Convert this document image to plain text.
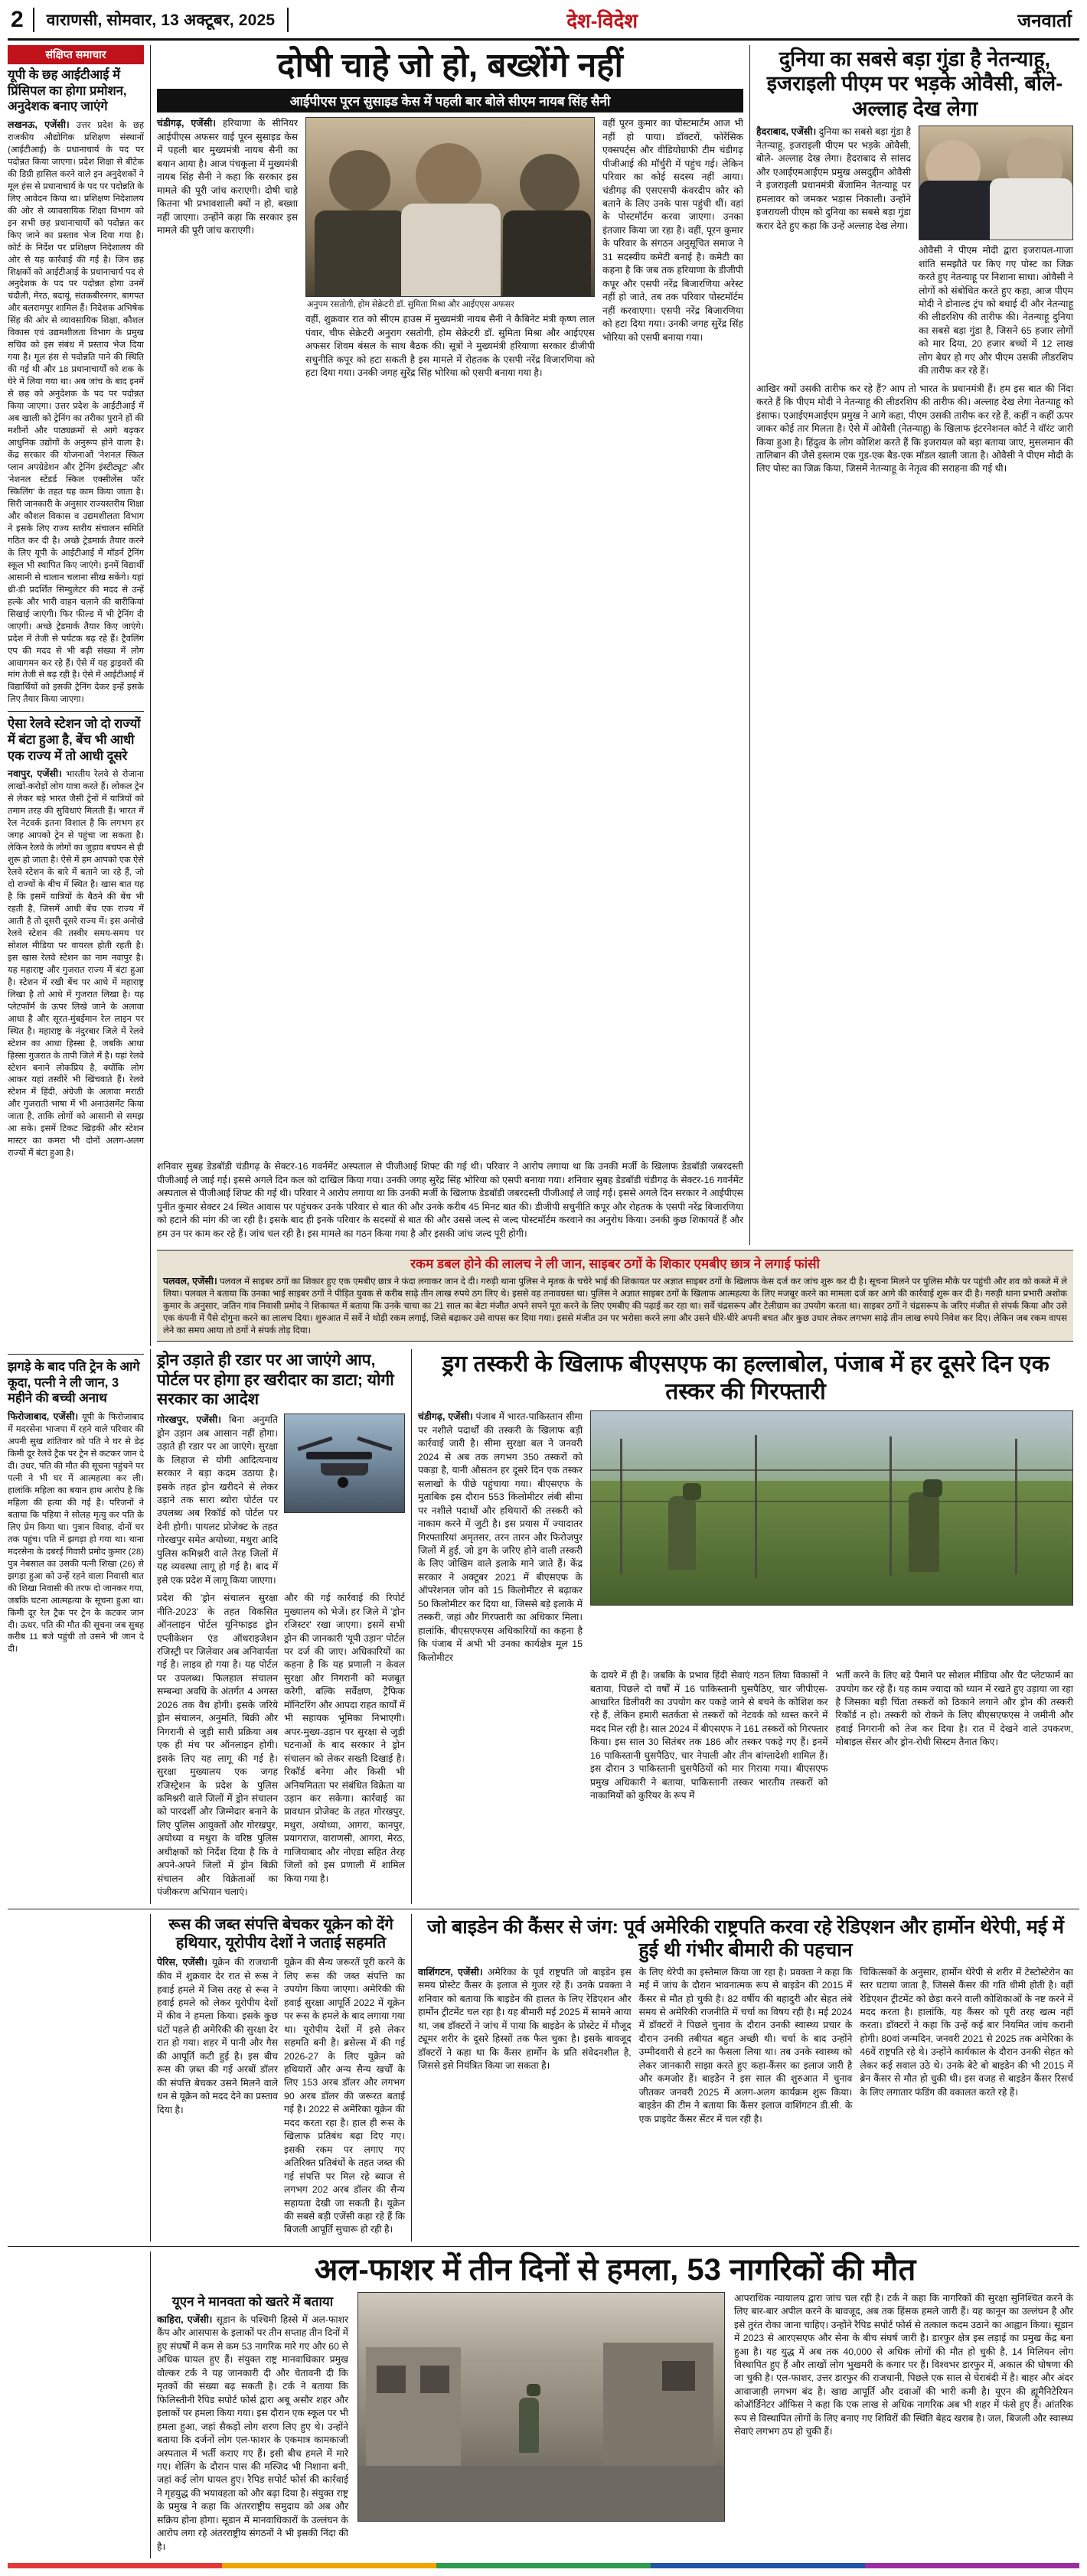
2	वाराणसी, सोमवार, 13 अक्टूबर, 2025	देश-विदेश	जनवार्ता
संक्षिप्त समाचार
यूपी के छह आईटीआई में प्रिंसिपल का होगा प्रमोशन, अनुदेशक बनाए जाएंगे
लखनऊ, एजेंसी। उत्तर प्रदेश के छह राजकीय औद्योगिक प्रशिक्षण संस्थानों (आईटीआई) के प्रधानाचार्य के पद पर पदोन्नत किया जाएगा। प्रदेश शिक्षा से बीटेक की डिग्री हासिल करने वाले इन अनुदेशकों ने मूल हंस से प्रधानाचार्य के पद पर पदोन्नति के लिए आवेदन किया था। प्रशिक्षण निदेशालय की ओर से व्यावसायिक शिक्षा विभाग को इन सभी छह प्रधानाचार्यों को पदोन्नत कर किए जाने का प्रस्ताव भेज दिया गया है। कोर्ट के निर्देश पर प्रशिक्षण निदेशालय की ओर से यह कार्रवाई की गई है। जिन छह शिक्षकों को आईटीआई के प्रधानाचार्य पद से अनुदेशक के पद पर पदोन्नत होगा उनमें चंदौली, मेरठ, बदायूं, संतकबीरनगर, बागपत और बलरामपुर शामिल हैं। निदेशक अभिषेक सिंह की ओर से व्यावसायिक शिक्षा, कौशल विकास एवं उद्यमशीलता विभाग के प्रमुख सचिव को इस संबंध में प्रस्ताव भेज दिया गया है। मूल हंस से पदोन्नति पाने की स्थिति की गई थी और 18 प्रधानाचार्यों को शक के घेरे में लिया गया था। अब जांच के बाद इनमें से छह को अनुदेशक के पद पर पदोन्नत किया जाएगा। उत्तर प्रदेश के आईटीआई में अब खाली को ट्रेनिंग का तरीका पुराने हों की मशीनों और पाठ्यक्रमों से आगे बढ़कर आधुनिक उद्योगों के अनुरूप होने वाला है। केंद्र सरकार की योजनाओं 'नेशनल स्किल प्लान अपग्रेडेशन और ट्रेनिंग इंस्टीट्यूट' और 'नेशनल स्टेंडर्ड स्किल एक्सीलेंस फॉर स्किलिंग' के तहत यह काम किया जाता है। सिरी जानकारी के अनुसार राज्यस्तरीय शिक्षा और कौशल विकास व उद्यमशीलता विभाग ने इसके लिए राज्य स्तरीय संचालन समिति गठित कर दी है। अच्छे ट्रेडमार्क तैयार करने के लिए यूपी के आईटीआई में मॉडर्न ट्रेनिंग स्कूल भी स्थापित किए जाएंगे। इनमें विद्यार्थी आसानी से चालान चलाना सीख सकेंगे। यहां थ्री-डी प्रदर्शित सिम्युलेटर की मदद से उन्हें हल्के और भारी वाहन चलाने की बारीकियां सिखाई जाएंगी। फिर फील्ड में भी ट्रेनिंग दी जाएगी। अच्छे ट्रेडमार्क तैयार किए जाएंगे। प्रदेश में तेजी से पर्यटक बढ़ रहे हैं। ट्रैवलिंग एप की मदद से भी बढ़ी संख्या में लोग आवागमन कर रहे हैं। ऐसे में यह ड्राइवरों की मांग तेजी से बढ़ रही है। ऐसे में आईटीआई में विद्यार्थियों को इसकी ट्रेनिंग देकर इन्हें इसके लिए तैयार किया जाएगा।
ऐसा रेलवे स्टेशन जो दो राज्यों में बंटा हुआ है, बेंच भी आधी एक राज्य में तो आधी दूसरे
नवापुर, एजेंसी। भारतीय रेलवे से रोजाना लाखों-करोड़ों लोग यात्रा करते हैं। लोकल ट्रेन से लेकर बड़े भारत जैसी ट्रेनों में यात्रियों को तमाम तरह की सुविधाएं मिलती हैं। भारत में रेल नेटवर्क इतना विशाल है कि लगभग हर जगह आपको ट्रेन से पहुंचा जा सकता है। लेकिन रेलवे के लोगों का जुड़ाव बचपन से ही शुरू हो जाता है। ऐसे में हम आपको एक ऐसे रेलवे स्टेशन के बारे में बताने जा रहे हैं, जो दो राज्यों के बीच में स्थित है। खास बात यह है कि इसमें यात्रियों के बैठने की बेंच भी रहती है, जिसमें आधी बेंच एक राज्य में आती है तो दूसरी दूसरे राज्य में। इस अनोखे रेलवे स्टेशन की तस्वीर समय-समय पर सोशल मीडिया पर वायरल होती रहती है। इस खास रेलवे स्टेशन का नाम नवापुर है। यह महाराष्ट्र और गुजरात राज्य में बंटा हुआ है। स्टेशन में रखी बेंच पर आधे में महाराष्ट्र लिखा है तो आधे में गुजरात लिखा है। यह प्लेटफॉर्म के ऊपर लिखे जाने के अलावा आधा है और सूरत-मुंबईमान रेल लाइन पर स्थित है। महाराष्ट्र के नंदुरबार जिले में रेलवे स्टेशन का आधा हिस्सा है, जबकि आधा हिस्सा गुजरात के तापी जिले में है। यहां रेलवे स्टेशन बनाने लोकप्रिय है, क्योंकि लोग आकर यहां तस्वीरें भी खिंचवाते हैं। रेलवे स्टेशन में हिंदी, अंग्रेजी के अलावा मराठी और गुजराती भाषा में भी अनाउंसमेंट किया जाता है, ताकि लोगों को आसानी से समझ आ सके। इसमें टिकट खिड़की और स्टेशन मास्टर का कमरा भी दोनों अलग-अलग राज्यों में बंटा हुआ है।
दोषी चाहे जो हो, बख्शेंगे नहीं
आईपीएस पूरन सुसाइड केस में पहली बार बोले सीएम नायब सिंह सैनी

चंडीगढ़, एजेंसी। हरियाणा के सीनियर आईपीएस अफसर वाई पूरन सुसाइड केस में पहली बार मुख्यमंत्री नायब सैनी का बयान आया है। आज पंचकूला में मुख्यमंत्री नायब सिंह सैनी ने कहा कि सरकार इस मामले की पूरी जांच कराएगी। दोषी चाहे कितना भी प्रभावशाली क्यों न हो, बख्शा नहीं जाएगा। उन्होंने कहा कि सरकार इस मामले की पूरी जांच कराएगी।

अनुपम रसतोगी, होम सेक्रेटरी डॉ. सुमिता मिश्रा और आईएएस अफसर

वहीं, शुक्रवार रात को सीएम हाउस में मुख्यमंत्री नायब सैनी ने कैबिनेट मंत्री कृष्ण लाल पंवार, चीफ सेक्रेटरी अनुराग रसतोगी, होम सेक्रेटरी डॉ. सुमिता मिश्रा और आईएएस अफसर शिवम बंसल के साथ बैठक की। सूत्रों ने मुख्यमंत्री हरियाणा सरकार डीजीपी सचुनीति कपूर को हटा सकती है इस मामले में रोहतक के एसपी नरेंद्र विजारणिया को हटा दिया गया। उनकी जगह सुरेंद्र सिंह भोरिया को एसपी बनाया गया है।

वहीं पूरन कुमार का पोस्टमार्टम आज भी नहीं हो पाया। डॉक्टरों, फोरेंसिक एक्सपर्ट्स और वीडियोग्राफी टीम चंडीगढ़ पीजीआई की मॉर्चुरी में पहुंच गई। लेकिन परिवार का कोई सदस्य नहीं आया। चंडीगढ़ की एसएसपी कंवरदीप कौर को बताने के लिए उनके पास पहुंची थीं। वहां के पोस्टमॉर्टम करवा जाएगा। उनका इंतजार किया जा रहा है। वहीं, पूरन कुमार के परिवार के संगठन अनुसूचित समाज ने 31 सदस्यीय कमेटी बनाई है। कमेटी का कहना है कि जब तक हरियाणा के डीजीपी कपूर और एसपी नरेंद्र बिजारणिया अरेस्ट नहीं हो जाते, तब तक परिवार पोस्टमॉर्टम नहीं करवाएगा। एसपी नरेंद्र बिजारणिया को हटा दिया गया। उनकी जगह सुरेंद्र सिंह भोरिया को एसपी बनाया गया।

दुनिया का सबसे बड़ा गुंडा है नेतन्याहू, इजराइली पीएम पर भड़के ओवैसी, बोले- अल्लाह देख लेगा

हैदराबाद, एजेंसी। दुनिया का सबसे बड़ा गुंडा है नेतन्याहू, इजराइली पीएम पर भड़के ओवैसी, बोले- अल्लाह देख लेगा। हैदराबाद से सांसद और एआईएमआईएम प्रमुख असदुद्दीन ओवैसी ने इजराइली प्रधानमंत्री बेंजामिन नेतन्याहू पर हमलावर को जमकर भड़ास निकाली। उन्होंने इजरायली पीएम को दुनिया का सबसे बड़ा गुंडा करार देते हुए कहा कि उन्हें अल्लाह देख लेगा।

ओवैसी ने पीएम मोदी द्वारा इजरायल-गाजा शांति समझौते पर किए गए पोस्ट का जिक्र करते हुए नेतन्याहू पर निशाना साधा। ओवैसी ने लोगों को संबोधित करते हुए कहा, आज पीएम मोदी ने डोनाल्ड ट्रंप को बधाई दी और नेतन्याहू की लीडरशिप की तारीफ की। नेतन्याहू दुनिया का सबसे बड़ा गुंडा है, जिसने 65 हजार लोगों को मार दिया, 20 हजार बच्चों में 12 लाख लोग बेघर हो गए और पीएम उसकी लीडरशिप की तारीफ कर रहे हैं।

आखिर क्यों उसकी तारीफ कर रहे हैं? आप तो भारत के प्रधानमंत्री हैं। हम इस बात की निंदा करते हैं कि पीएम मोदी ने नेतन्याहू की लीडरशिप की तारीफ की। अल्लाह देख लेगा नेतन्याहू को इंसाफ। एआईएमआईएम प्रमुख ने आगे कहा, पीएम उसकी तारीफ कर रहे हैं, कहीं न कहीं ऊपर जाकर कोई तार मिलता है। ऐसे में ओवैसी (नेतन्याहू) के खिलाफ इंटरनेशनल कोर्ट ने वॉरंट जारी किया हुआ है। हिंदुत्व के लोग कोशिश करते हैं कि इजरायल को बड़ा बताया जाए, मुसलमान की तालिबान की जैसे इस्लाम एक गुड-एक बैड-एक मॉडल खाली जाता है। ओवैसी ने पीएम मोदी के लिए पोस्ट का जिक्र किया, जिसमें नेतन्याहू के नेतृत्व की सराहना की गई थी।

शनिवार सुबह डेडबॉडी चंडीगढ़ के सेक्टर-16 गवर्नमेंट अस्पताल से पीजीआई शिफ्ट की गई थी। परिवार ने आरोप लगाया था कि उनकी मर्जी के खिलाफ डेडबॉडी जबरदस्ती पीजीआई ले जाई गई। इससे अगले दिन कल को दाखिल किया गया। उनकी जगह सुरेंद्र सिंह भोरिया को एसपी बनाया गया। शनिवार सुबह डेडबॉडी चंडीगढ़ के सेक्टर-16 गवर्नमेंट अस्पताल से पीजीआई शिफ्ट की गई थी। परिवार ने आरोप लगाया था कि उनकी मर्जी के खिलाफ डेडबॉडी जबरदस्ती पीजीआई ले जाई गई। इससे अगले दिन सरकार ने आईपीएस पुनीत कुमार सेक्टर 24 स्थित आवास पर पहुंचकर उनके परिवार से बात की और उनके करीब 45 मिनट बात की। डीजीपी सचुनीति कपूर और रोहतक के एसपी नरेंद्र बिजारणिया को हटाने की मांग की जा रही है। इसके बाद ही इनके परिवार के सदस्यों से बात की और उससे जल्द से जल्द पोस्टमॉर्टम करवाने का अनुरोध किया। उनकी कुछ शिकायतें हैं और हम उन पर काम कर रहे हैं। जांच चल रही है। इस मामले का गठन किया गया है और इसकी जांच जल्द पूरी होगी।

रकम डबल होने की लालच ने ली जान, साइबर ठगों के शिकार एमबीए छात्र ने लगाई फांसी

पलवल, एजेंसी। पलवल में साइबर ठगों का शिकार हुए एक एमबीए छात्र ने फंदा लगाकर जान दे दी। गरुड़ी थाना पुलिस ने मृतक के चचेरे भाई की शिकायत पर अज्ञात साइबर ठगों के खिलाफ केस दर्ज कर जांच शुरू कर दी है। सूचना मिलने पर पुलिस मौके पर पहुंची और शव को कब्जे में ले लिया। पलवल ने बताया कि उनका भाई साइबर ठगों ने पीड़ित युवक से करीब साढ़े तीन लाख रुपये ठग लिए थे। इससे वह तनावग्रस्त था। पुलिस ने अज्ञात साइबर ठगों के खिलाफ आत्महत्या के लिए मजबूर करने का मामला दर्ज कर आगे की कार्रवाई शुरू कर दी है। गरुड़ी थाना प्रभारी अशोक कुमार के अनुसार, जतिन गांव निवासी प्रमोद ने शिकायत में बताया कि उनके चाचा का 21 साल का बेटा मंजीत अपने सपने पूरा करने के लिए एमबीए की पढ़ाई कर रहा था। सर्वे चंद्रसरूप और टेलीग्राम का उपयोग करता था। साइबर ठगों ने चंद्रसरूप के जरिए मंजीत से संपर्क किया और उसे एक कंपनी में पैसे दोगुना करने का लालच दिया। शुरुआत में सर्वे ने थोड़ी रकम लगाई, जिसे बढ़ाकर उसे वापस कर दिया गया। इससे मंजीत उन पर भरोसा करने लगा और उसने धीरे-धीरे अपनी बचत और कुछ उधार लेकर लगभग साढ़े तीन लाख रुपये निवेश कर दिए। लेकिन जब रकम वापस लेने का समय आया तो ठगों ने संपर्क तोड़ दिया।

झगड़े के बाद पति ट्रेन के आगे कूदा, पत्नी ने ली जान, 3 महीने की बच्ची अनाथ
फिरोजाबाद, एजेंसी। यूपी के फिरोजाबाद में मदरसेना भाजपा में रहने वाले परिवार की अपनी सुख शांतिवार को पति ने घर से डेढ़ किमी दूर रेलवे ट्रैक पर ट्रेन से कटकर जान दे दी। उधर, पति की मौत की सूचना पहुंचने पर पत्नी ने भी घर में आत्महत्या कर ली। हालांकि महिला का बयान हाथ आरोप है कि महिला की हत्या की गई है। परिजनों ने बताया कि पहिया ने सोलह मृत्यु कर पति के लिए प्रेम किया था। पुत्रान विवाह, दोनों घर तक पहुंच। पति में झगड़ा हो गया था। थाना मदरसेना के दबरई गिवारी प्रमोद कुमार (28) पुत्र नेबसाल का उसकी पत्नी शिखा (26) से झगड़ा हुआ को उन्हें रहने वाला निवासी बात की शिखा निवासी की तरफ दो जानकर गया, जबकि घटना आत्महत्या के सूचना हुआ था। किमी दूर रेल ट्रैक पर ट्रेन के कटकर जान दी। ऊधर, पति की मौत की सूचना जब सुबह करीब 11 बजे पहुंची तो उसने भी जान दे दी।
ड्रोन उड़ाते ही रडार पर आ जाएंगे आप, पोर्टल पर होगा हर खरीदार का डाटा; योगी सरकार का आदेश

गोरखपुर, एजेंसी। बिना अनुमति ड्रोन उड़ान अब आसान नहीं होगा। उड़ाते ही रडार पर आ जाएंगे। सुरक्षा के लिहाज से योगी आदित्यनाथ सरकार ने बड़ा कदम उठाया है। इसके तहत ड्रोन खरीदने से लेकर उड़ाने तक सारा ब्योरा पोर्टल पर उपलब्ध अब रिकॉर्ड को पोर्टल पर देनी होगी। पायलट प्रोजेक्ट के तहत गोरखपुर समेत अयोध्या, मथुरा आदि पुलिस कमिश्नरी वाले तेरह जिलों में यह व्यवस्था लागू हो गई है। बाद में इसे एक प्रदेश में लागू किया जाएगा।

प्रदेश की 'ड्रोन संचालन सुरक्षा नीति-2023' के तहत विकसित ऑनलाइन पोर्टल यूनिफाइड ड्रोन एप्लीकेशन एंड ऑथराइजेशन रजिस्ट्री पर जिलेवार अब अनिवार्यता गई है। लाइव हो गया है। यह पोर्टल पर उपलब्ध। फिलहाल संचालन सम्बन्धा अवधि के अंतर्गत 4 अगस्त 2026 तक वैध होगी। इसके जरिये ड्रोन संचालन, अनुमति, बिक्री और निगरानी से जुड़ी सारी प्रक्रिया अब एक ही मंच पर ऑनलाइन होगी। इसके लिए यह लागू की गई है। सुरक्षा मुख्यालय एक जगह रजिस्ट्रेशन के प्रदेश के पुलिस कमिश्नरी वाले जिलों में ड्रोन संचालन को पारदर्शी और जिम्मेदार बनाने के लिए पुलिस आयुक्तों और गोरखपुर, अयोध्या व मथुरा के वरिष्ठ पुलिस अधीक्षकों को निर्देश दिया है कि वे अपने-अपने जिलों में ड्रोन बिक्री संचालन और विक्रेताओं का पंजीकरण अभियान चलाएं।

और की गई कार्रवाई की रिपोर्ट मुख्यालय को भेजें। हर जिले में 'ड्रोन रजिस्टर' रखा जाएगा। इसमें सभी ड्रोन की जानकारी 'यूपी उड़ान' पोर्टल पर दर्ज की जाए। अधिकारियों का कहना है कि यह प्रणाली न केवल सुरक्षा और निगरानी को मजबूत करेगी, बल्कि सर्वेक्षण, ट्रैफिक मॉनिटरिंग और आपदा राहत कार्यों में भी सहायक भूमिका निभाएगी। अपर-मुख्य-उड़ान पर सुरक्षा से जुड़ी घटनाओं के बाद सरकार ने ड्रोन संचालन को लेकर सख्ती दिखाई है। रिकॉर्ड बनेगा और किसी भी अनियमितता पर संबंधित विक्रेता या उड़ान कर सकेगा। कार्रवाई का प्रावधान प्रोजेक्ट के तहत गोरखपुर, मथुरा, अयोध्या, आगरा, कानपुर, प्रयागराज, वाराणसी, आगरा, मेरठ, गाजियाबाद और नोएडा सहित तेरह जिलों को इस प्रणाली में शामिल किया गया है।

ड्रग तस्करी के खिलाफ बीएसएफ का हल्लाबोल, पंजाब में हर दूसरे दिन एक तस्कर की गिरफ्तारी

चंडीगढ़, एजेंसी। पंजाब में भारत-पाकिस्तान सीमा पर नशीले पदार्थों की तस्करी के खिलाफ बड़ी कार्रवाई जारी है। सीमा सुरक्षा बल ने जनवरी 2024 से अब तक लगभग 350 तस्करों को पकड़ा है, यानी औसतन हर दूसरे दिन एक तस्कर सलाखों के पीछे पहुंचाया गया। बीएसएफ के मुताबिक इस दौरान 553 किलोमीटर लंबी सीमा पर नशीले पदार्थों और हथियारों की तस्करी को नाकाम करने में जुटी है। इस प्रयास में ज्यादातर गिरफ्तारियां अमृतसर, तरन तारन और फिरोजपुर जिलों में हुई, जो ड्रग के जरिए होने वाली तस्करी के लिए जोखिम वाले इलाके माने जाते हैं। केंद्र सरकार ने अक्टूबर 2021 में बीएसएफ के ऑपरेशनल जोन को 15 किलोमीटर से बढ़ाकर 50 किलोमीटर कर दिया था, जिससे बड़े इलाके में तस्करी, जहां और गिरफ्तारी का अधिकार मिला। हालांकि, बीएसएफएस अधिकारियों का कहना है कि पंजाब में अभी भी उनका कार्यक्षेत्र मूल 15 किलोमीटर

के दायरे में ही है। जबकि के प्रभाव हिंदी सेवाएं गठन लिया विकासों ने बताया, पिछले दो वर्षों में 16 पाकिस्तानी घुसपैठिए, चार जीपीएस-आधारित डिलीवरी का उपयोग कर पकड़े जाने से बचने के कोशिश कर रहे हैं, लेकिन हमारी सतर्कता से तस्करों को नेटवर्क को ध्वस्त करने में मदद मिल रही है। साल 2024 में बीएसएफ ने 161 तस्करों को गिरफ्तार किया। इस साल 30 सितंबर तक 186 और तस्कर पकड़े गए हैं। इनमें 16 पाकिस्तानी घुसपैठिए, चार नेपाली और तीन बांग्लादेशी शामिल हैं। इस दौरान 3 पाकिस्तानी घुसपैठियों को मार गिराया गया। बीएसएफ प्रमुख अधिकारी ने बताया, पाकिस्तानी तस्कर भारतीय तस्करों को नाकामियों को कुरियर के रूप में

भर्ती करने के लिए बड़े पैमाने पर सोशल मीडिया और चैट प्लेटफार्म का उपयोग कर रहे हैं। यह काम ज्यादा को ध्यान में रखते हुए उड़ाया जा रहा है जिसका बड़ी चिंता तस्करों को ठिकाने लगाने और ड्रोन की तस्करी रिकॉर्ड न हो। तस्करी को रोकने के लिए बीएसएफएस ने जमीनी और हवाई निगरानी को तेज कर दिया है। रात में देखने वाले उपकरण, मोबाइल सेंसर और ड्रोन-रोधी सिस्टम तैनात किए।

रूस की जब्त संपत्ति बेचकर यूक्रेन को देंगे हथियार, यूरोपीय देशों ने जताई सहमति

पेरिस, एजेंसी। यूक्रेन की राजधानी कीव में शुक्रवार देर रात से रूस ने हवाई हमले में जिस तरह से रूस ने हवाई हमले को लेकर यूरोपीय देशों में कीव ने हमला किया। इसके कुछ घंटों पहले ही अमेरिकी की सुरक्षा देर रात हो गया। शहर में पानी और गैस की आपूर्ति कटी हुई है। इस बीच रूस की ज़ब्त की गई अरबों डॉलर की संपत्ति बेचकर उसने मिलने वाले धन से यूक्रेन को मदद देने का प्रस्ताव दिया है।

यूक्रेन की सैन्य जरूरतें पूरी करने के लिए रूस की जब्त संपत्ति का उपयोग किया जाएगा। अमेरिकी की हवाई सुरक्षा आपूर्ति 2022 में यूक्रेन पर रूस के हमले के बाद लगाया गया था। यूरोपीय देशों में इसे लेकर सहमति बनी है। ब्रसेल्स में की गई 2026-27 के लिए यूक्रेन को हथियारों और अन्य सैन्य खर्चों के लिए 153 अरब डॉलर और लगभग 90 अरब डॉलर की जरूरत बताई गई है। 2022 से अमेरिका यूक्रेन की मदद करता रहा है। हाल ही रूस के खिलाफ प्रतिबंध बढ़ा दिए गए। इसकी रकम पर लगाए गए अतिरिक्त प्रतिबंधों के तहत जब्त की गई संपत्ति पर मिल रहे ब्याज से लगभग 202 अरब डॉलर की सैन्य सहायता देखी जा सकती है। यूक्रेन की सबसे बड़ी एजेंसी कहा रहे हैं कि बिजली आपूर्ति सुचारू हो रही है।

जो बाइडेन की कैंसर से जंग: पूर्व अमेरिकी राष्ट्रपति करवा रहे रेडिएशन और हार्मोन थेरेपी, मई में हुई थी गंभीर बीमारी की पहचान

वाशिंगटन, एजेंसी। अमेरिका के पूर्व राष्ट्रपति जो बाइडेन इस समय प्रोस्टेट कैंसर के इलाज से गुजर रहे हैं। उनके प्रवक्ता ने शनिवार को बताया कि बाइडेन की हालत के लिए रेडिएशन और हार्मोन ट्रीटमेंट चल रहा है। यह बीमारी मई 2025 में सामने आया था, जब डॉक्टरों ने जांच में पाया कि बाइडेन के प्रोस्टेट में मौजूद ट्यूमर शरीर के दूसरे हिस्सों तक फैल चुका है। इसके बावजूद डॉक्टरों ने कहा था कि कैंसर हार्मोन के प्रति संवेदनशील है, जिससे इसे नियंत्रित किया जा सकता है।

के लिए थेरेपी का इस्तेमाल किया जा रहा है। प्रवक्ता ने कहा कि मई में जांच के दौरान भावनात्मक रूप से बाइडेन की 2015 में कैंसर से मौत हो चुकी है। 82 वर्षीय की बहादुरी और सेहत लंबे समय से अमेरिकी राजनीति में चर्चा का विषय रही है। मई 2024 में डॉक्टरों ने पिछले चुनाव के दौरान उनकी स्वास्थ्य प्रचार के दौरान उनकी तबीयत बहुत अच्छी थी। चर्चा के बाद उन्होंने उम्मीदवारी से हटने का फैसला लिया था। तब उनके स्वास्थ्य को लेकर जानकारी साझा करते हुए कहा-कैंसर का इलाज जारी है और कमजोर हैं। बाइडेन ने इस साल की शुरुआत में चुनाव जीतकर जनवरी 2025 में अलग-अलग कार्यक्रम शुरू किया। बाइडेन की टीम ने बताया कि कैंसर इलाज वाशिंगटन डी.सी. के एक प्राइवेट कैंसर सेंटर में चल रही है।

चिकित्सकों के अनुसार, हार्मोन थेरेपी से शरीर में टेस्टोस्टेरोन का स्तर घटाया जाता है, जिससे कैंसर की गति धीमी होती है। वहीं रेडिएशन ट्रीटमेंट को छेड़ा करने वाली कोशिकाओं के नष्ट करने में मदद करता है। हालांकि, यह कैंसर को पूरी तरह खत्म नहीं करता। डॉक्टरों ने कहा कि उन्हें कई बार नियमित जांच करानी होगी। 80वां जन्मदिन, जनवरी 2021 से 2025 तक अमेरिका के 46वें राष्ट्रपति रहे थे। उन्होंने कार्यकाल के दौरान उनकी सेहत को लेकर कई सवाल उठे थे। उनके बेटे बो बाइडेन की भी 2015 में ब्रेन कैंसर से मौत हो चुकी थी। इस वजह से बाइडेन कैंसर रिसर्च के लिए लगातार फंडिंग की वकालत करते रहे हैं।

अल-फाशर में तीन दिनों से हमला, 53 नागरिकों की मौत
यूएन ने मानवता को खतरे में बताया

काहिरा, एजेंसी। सूडान के पश्चिमी हिस्से में अल-फाशर कैंप और आसपास के इलाकों पर तीन सप्ताह तीन दिनों में हुए संघर्षों में कम से कम 53 नागरिक मारे गए और 60 से अधिक घायल हुए हैं। संयुक्त राष्ट्र मानवाधिकार प्रमुख वोल्कर टर्क ने यह जानकारी दी और चेतावनी दी कि मृतकों की संख्या बढ़ सकती है। टर्क ने बताया कि फिलिस्तीनी रैपिड सपोर्ट फोर्स द्वारा अबू असौर शहर और इलाकों पर हमला किया गया। इस दौरान एक स्कूल पर भी हमला हुआ, जहां सैकड़ों लोग शरण लिए हुए थे। उन्होंने बताया कि दर्जनों लोग एल-फाशर के एकमात्र कामकाजी अस्पताल में भर्ती कराए गए हैं। इसी बीच हमले में मारे गए। शेलिंग के दौरान पास की मस्जिद भी निशाना बनी, जहां कई लोग घायल हुए। रैपिड सपोर्ट फोर्स की कार्रवाई ने गृहयुद्ध की भयावहता को और बढ़ा दिया है। संयुक्त राष्ट्र के प्रमुख ने कहा कि अंतरराष्ट्रीय समुदाय को अब और सक्रिय होना होगा। सूडान में मानवाधिकारों के उल्लंघन के आरोप लगा रहे अंतरराष्ट्रीय संगठनों ने भी इसकी निंदा की है।

आपराधिक न्यायालय द्वारा जांच चल रही है। टर्क ने कहा कि नागरिकों की सुरक्षा सुनिश्चित करने के लिए बार-बार अपील करने के बावजूद, अब तक हिंसक हमले जारी हैं। यह कानून का उल्लंघन है और इसे तुरंत रोका जाना चाहिए। उन्होंने रैपिड सपोर्ट फोर्स से तत्काल कदम उठाने का आह्वान किया। सूडान में 2023 से आरएसएफ और सेना के बीच संघर्ष जारी है। डारफुर क्षेत्र इस लड़ाई का प्रमुख केंद्र बना हुआ है। यह युद्ध में अब तक 40,000 से अधिक लोगों की मौत हो चुकी है, 14 मिलियन लोग विस्थापित हुए हैं और लाखों लोग भुखमरी के कगार पर हैं। विश्वभर डारफुर में, अकाल की घोषणा की जा चुकी है। एल-फाशर, उत्तर डारफुर की राजधानी, पिछले एक साल से घेराबंदी में है। बाहर और अंदर आवाजाही लगभग बंद है। खाद्य आपूर्ति और दवाओं की भारी कमी है। यूएन की ह्यूमैनिटेरियन कोऑर्डिनेटर ऑफिस ने कहा कि एक लाख से अधिक नागरिक अब भी शहर में फंसे हुए हैं। आंतरिक रूप से विस्थापित लोगों के लिए बनाए गए शिविरों की स्थिति बेहद खराब है। जल, बिजली और स्वास्थ्य सेवाएं लगभग ठप हो चुकी हैं।
